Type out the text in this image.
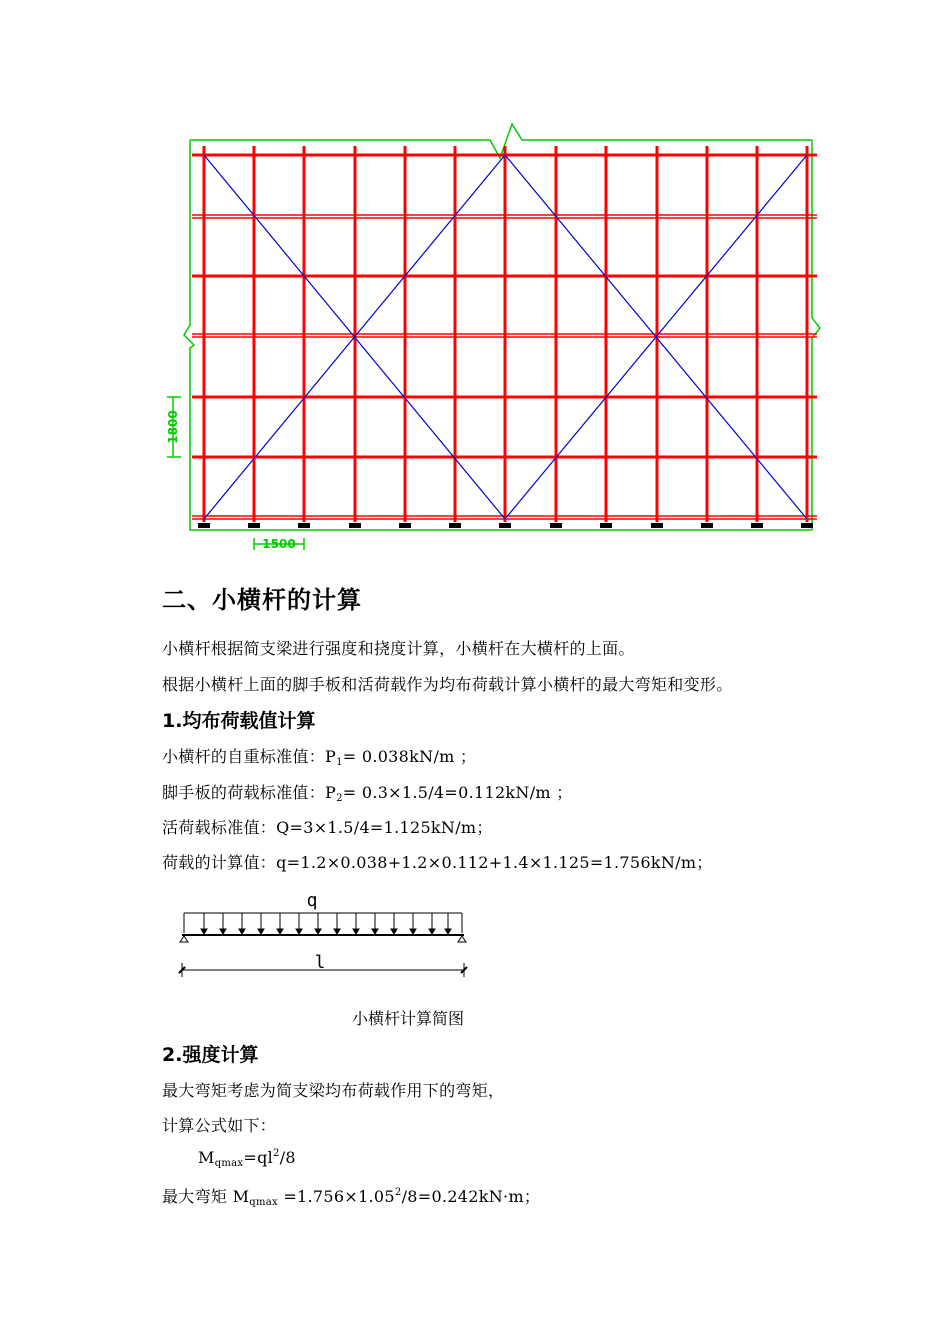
1800
1500
二、小横杆的计算
小横杆根据简支梁进行强度和挠度计算，小横杆在大横杆的上面。
根据小横杆上面的脚手板和活荷载作为均布荷载计算小横杆的最大弯矩和变形。
1.均布荷载值计算
小横杆的自重标准值：$P_1= 0.038kN/m$ ；
脚手板的荷载标准值：$P_2= 0.3\times 1.5/4=0.112kN/m$ ；
活荷载标准值：Q=3×1.5/4=1.125kN/m；
荷载的计算值：q=1.2×0.038+1.2×0.112+1.4×1.125=1.756kN/m；
q
l
小横杆计算简图
2.强度计算
最大弯矩考虑为简支梁均布荷载作用下的弯矩，
计算公式如下：
$M_{qmax}=ql^2/8$
最大弯矩 $M_{qmax} =1.756\times 1.05^2/8=0.242kN\cdot m$；
